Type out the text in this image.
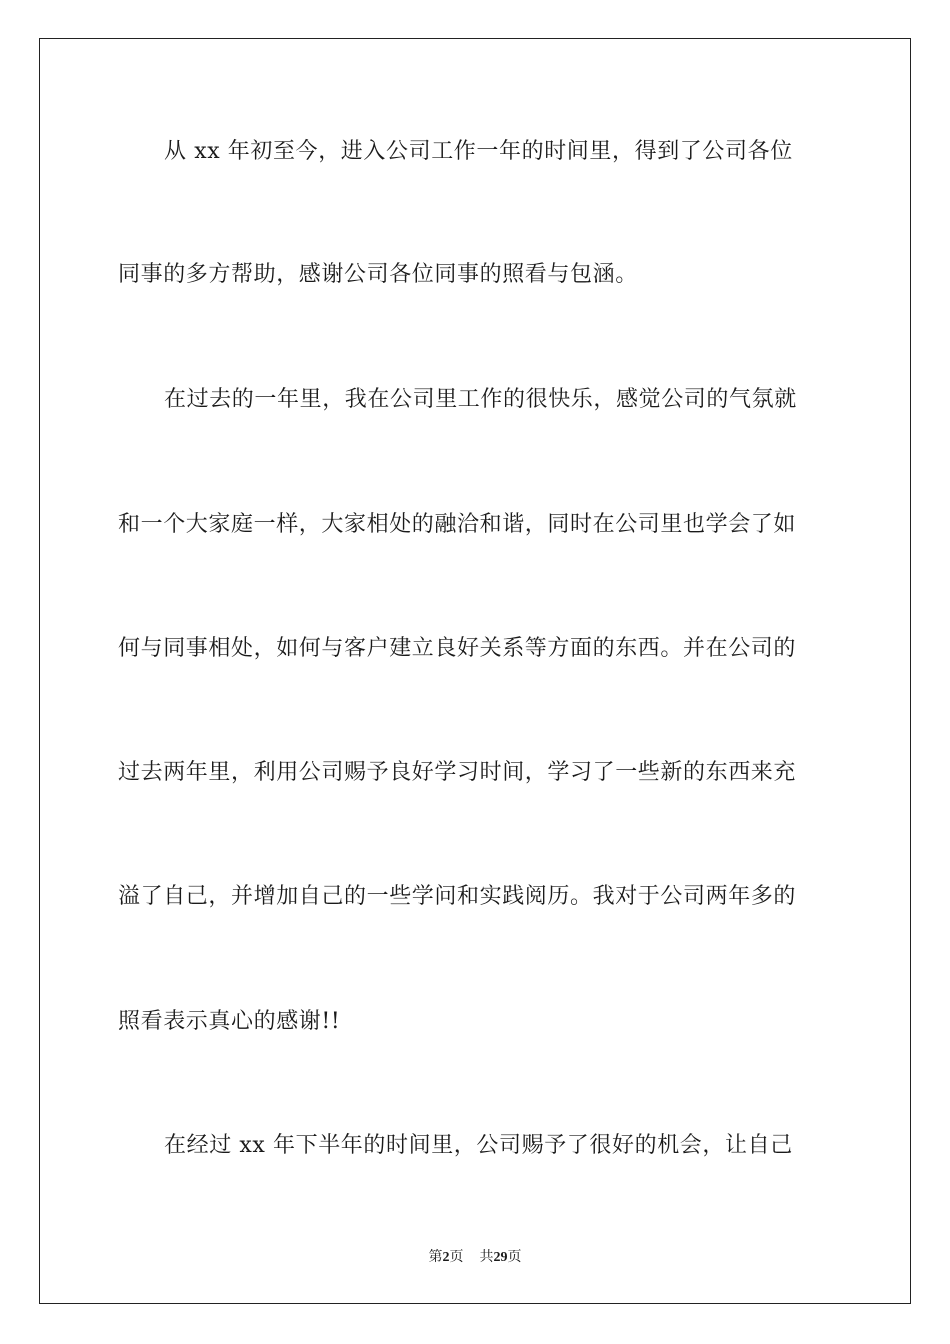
从 xx 年初至今，进入公司工作一年的时间里，得到了公司各位
同事的多方帮助，感谢公司各位同事的照看与包涵。
在过去的一年里，我在公司里工作的很快乐，感觉公司的气氛就
和一个大家庭一样，大家相处的融洽和谐，同时在公司里也学会了如
何与同事相处，如何与客户建立良好关系等方面的东西。并在公司的
过去两年里，利用公司赐予良好学习时间，学习了一些新的东西来充
溢了自己，并增加自己的一些学问和实践阅历。我对于公司两年多的
照看表示真心的感谢!!
在经过 xx 年下半年的时间里，公司赐予了很好的机会，让自己
第2页 共29页
